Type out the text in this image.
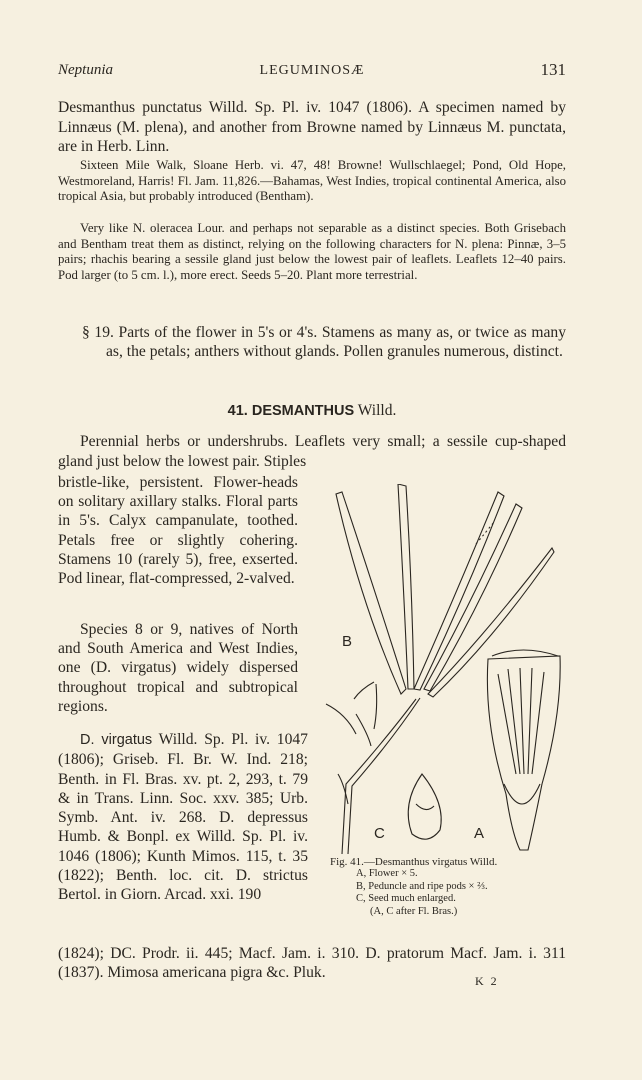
Neptunia	LEGUMINOSÆ	131
Desmanthus punctatus Willd. Sp. Pl. iv. 1047 (1806). A specimen named by Linnæus (M. plena), and another from Browne named by Linnæus M. punctata, are in Herb. Linn.
Sixteen Mile Walk, Sloane Herb. vi. 47, 48! Browne! Wullschlaegel; Pond, Old Hope, Westmoreland, Harris! Fl. Jam. 11,826.—Bahamas, West Indies, tropical continental America, also tropical Asia, but probably introduced (Bentham).
Very like N. oleracea Lour. and perhaps not separable as a distinct species. Both Grisebach and Bentham treat them as distinct, relying on the following characters for N. plena: Pinnæ, 3–5 pairs; rhachis bearing a sessile gland just below the lowest pair of leaflets. Leaflets 12–40 pairs. Pod larger (to 5 cm. l.), more erect. Seeds 5–20. Plant more terrestrial.
§ 19. Parts of the flower in 5's or 4's. Stamens as many as, or twice as many as, the petals; anthers without glands. Pollen granules numerous, distinct.
41. DESMANTHUS Willd.
Perennial herbs or undershrubs. Leaflets very small; a sessile cup-shaped gland just below the lowest pair. Stiples
bristle-like, persistent. Flower-heads on solitary axillary stalks. Floral parts in 5's. Calyx campanulate, toothed. Petals free or slightly cohering. Stamens 10 (rarely 5), free, exserted. Pod linear, flat-compressed, 2-valved.
Species 8 or 9, natives of North and South America and West Indies, one (D. virgatus) widely dispersed throughout tropical and subtropical regions.
D. virgatus Willd. Sp. Pl. iv. 1047 (1806); Griseb. Fl. Br. W. Ind. 218; Benth. in Fl. Bras. xv. pt. 2, 293, t. 79 & in Trans. Linn. Soc. xxv. 385; Urb. Symb. Ant. iv. 268. D. depressus Humb. & Bonpl. ex Willd. Sp. Pl. iv. 1046 (1806); Kunth Mimos. 115, t. 35 (1822); Benth. loc. cit. D. strictus Bertol. in Giorn. Arcad. xxi. 190
(1824); DC. Prodr. ii. 445; Macf. Jam. i. 310. D. pratorum Macf. Jam. i. 311 (1837). Mimosa americana pigra &c. Pluk.
B
C	A
Fig. 41.—Desmanthus virgatus Willd.
A, Flower × 5.
B, Peduncle and ripe pods × ⅔.
C, Seed much enlarged.
(A, C after Fl. Bras.)
K 2
